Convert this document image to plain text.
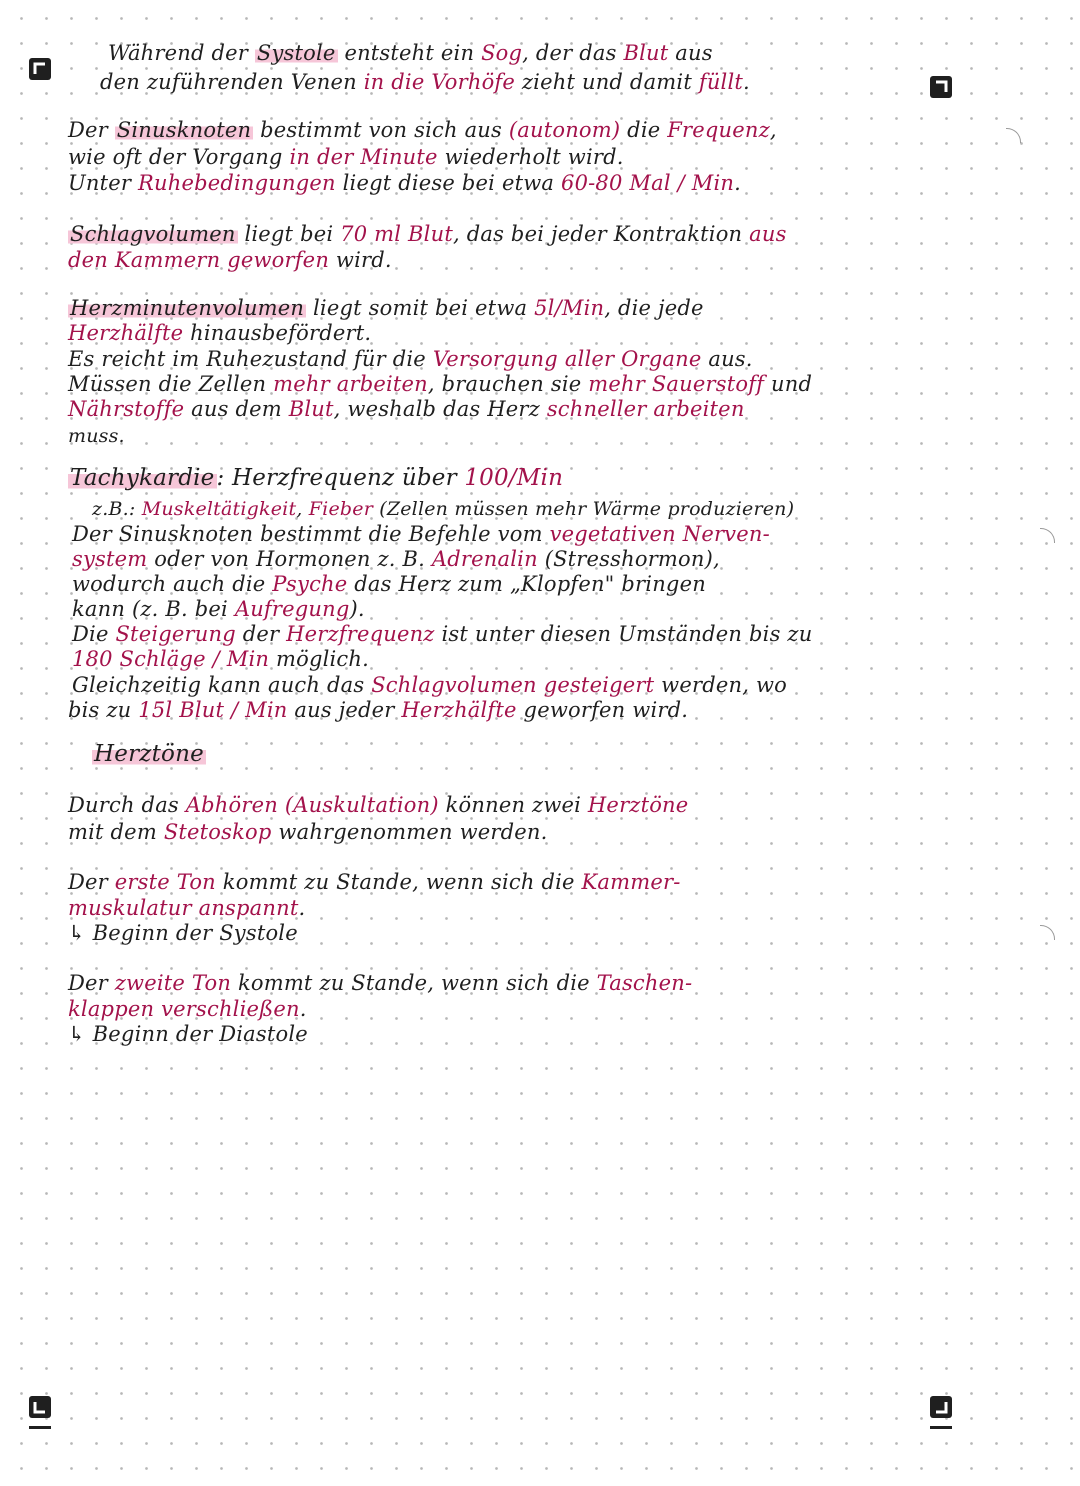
Während der Systole entsteht ein Sog, der das Blut aus
den zuführenden Venen in die Vorhöfe zieht und damit füllt.
Der Sinusknoten bestimmt von sich aus (autonom) die Frequenz,
wie oft der Vorgang in der Minute wiederholt wird.
Unter Ruhebedingungen liegt diese bei etwa 60-80 Mal / Min.
Schlagvolumen liegt bei 70 ml Blut, das bei jeder Kontraktion aus
den Kammern geworfen wird.
Herzminutenvolumen liegt somit bei etwa 5l/Min, die jede
Herzhälfte hinausbefördert.
Es reicht im Ruhezustand für die Versorgung aller Organe aus.
Müssen die Zellen mehr arbeiten, brauchen sie mehr Sauerstoff und
Nährstoffe aus dem Blut, weshalb das Herz schneller arbeiten
muss.
Tachykardie: Herzfrequenz über 100/Min
z.B.: Muskeltätigkeit, Fieber (Zellen müssen mehr Wärme produzieren)
Der Sinusknoten bestimmt die Befehle vom vegetativen Nerven-
system oder von Hormonen z. B. Adrenalin (Stresshormon),
wodurch auch die Psyche das Herz zum „Klopfen" bringen
kann (z. B. bei Aufregung).
Die Steigerung der Herzfrequenz ist unter diesen Umständen bis zu
180 Schläge / Min möglich.
Gleichzeitig kann auch das Schlagvolumen gesteigert werden, wo
bis zu 15l Blut / Min aus jeder Herzhälfte geworfen wird.
Herztöne
Durch das Abhören (Auskultation) können zwei Herztöne
mit dem Stetoskop wahrgenommen werden.
Der erste Ton kommt zu Stande, wenn sich die Kammer-
muskulatur anspannt.
↳ Beginn der Systole
Der zweite Ton kommt zu Stande, wenn sich die Taschen-
klappen verschließen.
↳ Beginn der Diastole
